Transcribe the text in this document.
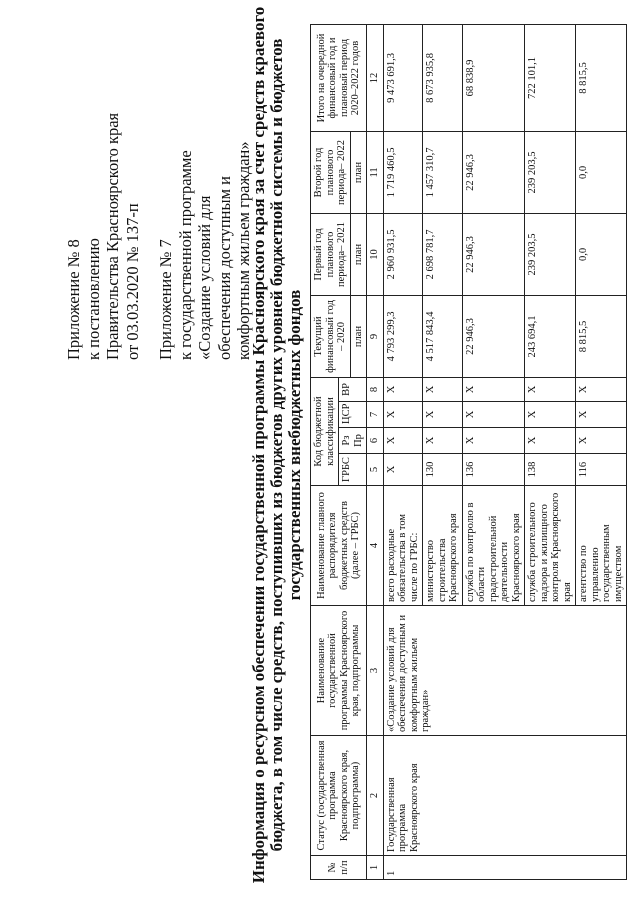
Приложение № 8 к постановлению Правительства Красноярского края от 03.03.2020 № 137-п Приложение № 7 к государственной программе «Создание условий для обеспечения доступным и комфортным жильем граждан»

Информация о ресурсном обеспечении государственной программы Красноярского края за счет средств краевого бюджета, в том числе средств, поступивших из бюджетов других уровней бюджетной системы и бюджетов государственных внебюджетных фондов

№ п/п	Статус (государственная программа Красноярского края, подпрограмма)	Наименование государственной программы Красноярского края, подпрограммы	Наименование главного распорядителя бюджетных средств (далее – ГРБС)	Код бюджетной классификации				Текущий финансовый год – 2020	Первый год планового периода– 2021	Второй год планового периода– 2022	Итого на очередной финансовый год и плановый период 2020–2022 годов
				ГРБС	Рз Пр	ЦСР	ВР				
								план	план	план	
1	2	3	4	5	6	7	8	9	10	11	12
1	Государственная программа Красноярского края	«Создание условий для обеспечения доступным и комфортным жильем граждан»	всего расходные обязательства в том числе по ГРБС:	X	X	X	X	4 793 299,3	2 960 931,5	1 719 460,5	9 473 691,3
			министерство строительства Красноярского края	130	X	X	X	4 517 843,4	2 698 781,7	1 457 310,7	8 673 935,8
			служба по контролю в области градостроительной деятельности Красноярского края	136	X	X	X	22 946,3	22 946,3	22 946,3	68 838,9
			служба строительного надзора и жилищного контроля Красноярского края	138	X	X	X	243 694,1	239 203,5	239 203,5	722 101,1
			агентство по управлению государственным имуществом	116	X	X	X	8 815,5	0,0	0,0	8 815,5
